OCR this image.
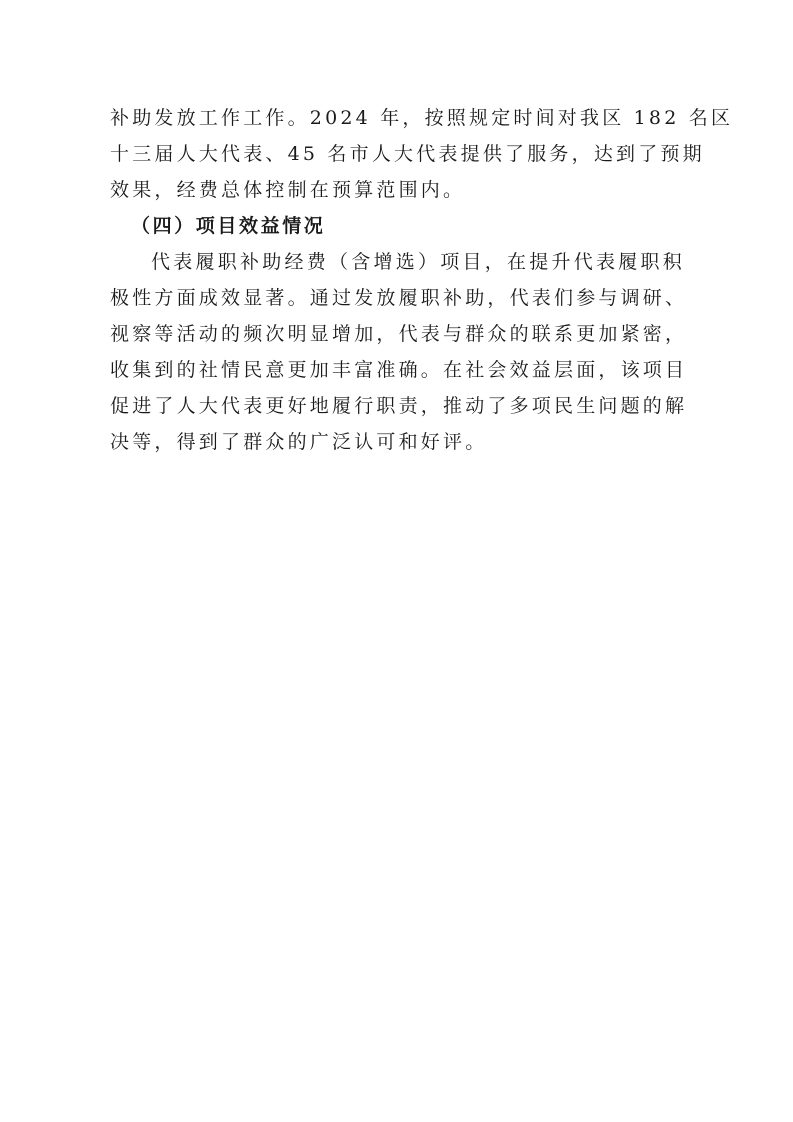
补助发放工作工作。2024 年，按照规定时间对我区 182 名区
十三届人大代表、45 名市人大代表提供了服务，达到了预期
效果，经费总体控制在预算范围内。
（四）项目效益情况
代表履职补助经费（含增选）项目，在提升代表履职积
极性方面成效显著。通过发放履职补助，代表们参与调研、
视察等活动的频次明显增加，代表与群众的联系更加紧密，
收集到的社情民意更加丰富准确。在社会效益层面，该项目
促进了人大代表更好地履行职责，推动了多项民生问题的解
决等，得到了群众的广泛认可和好评。
